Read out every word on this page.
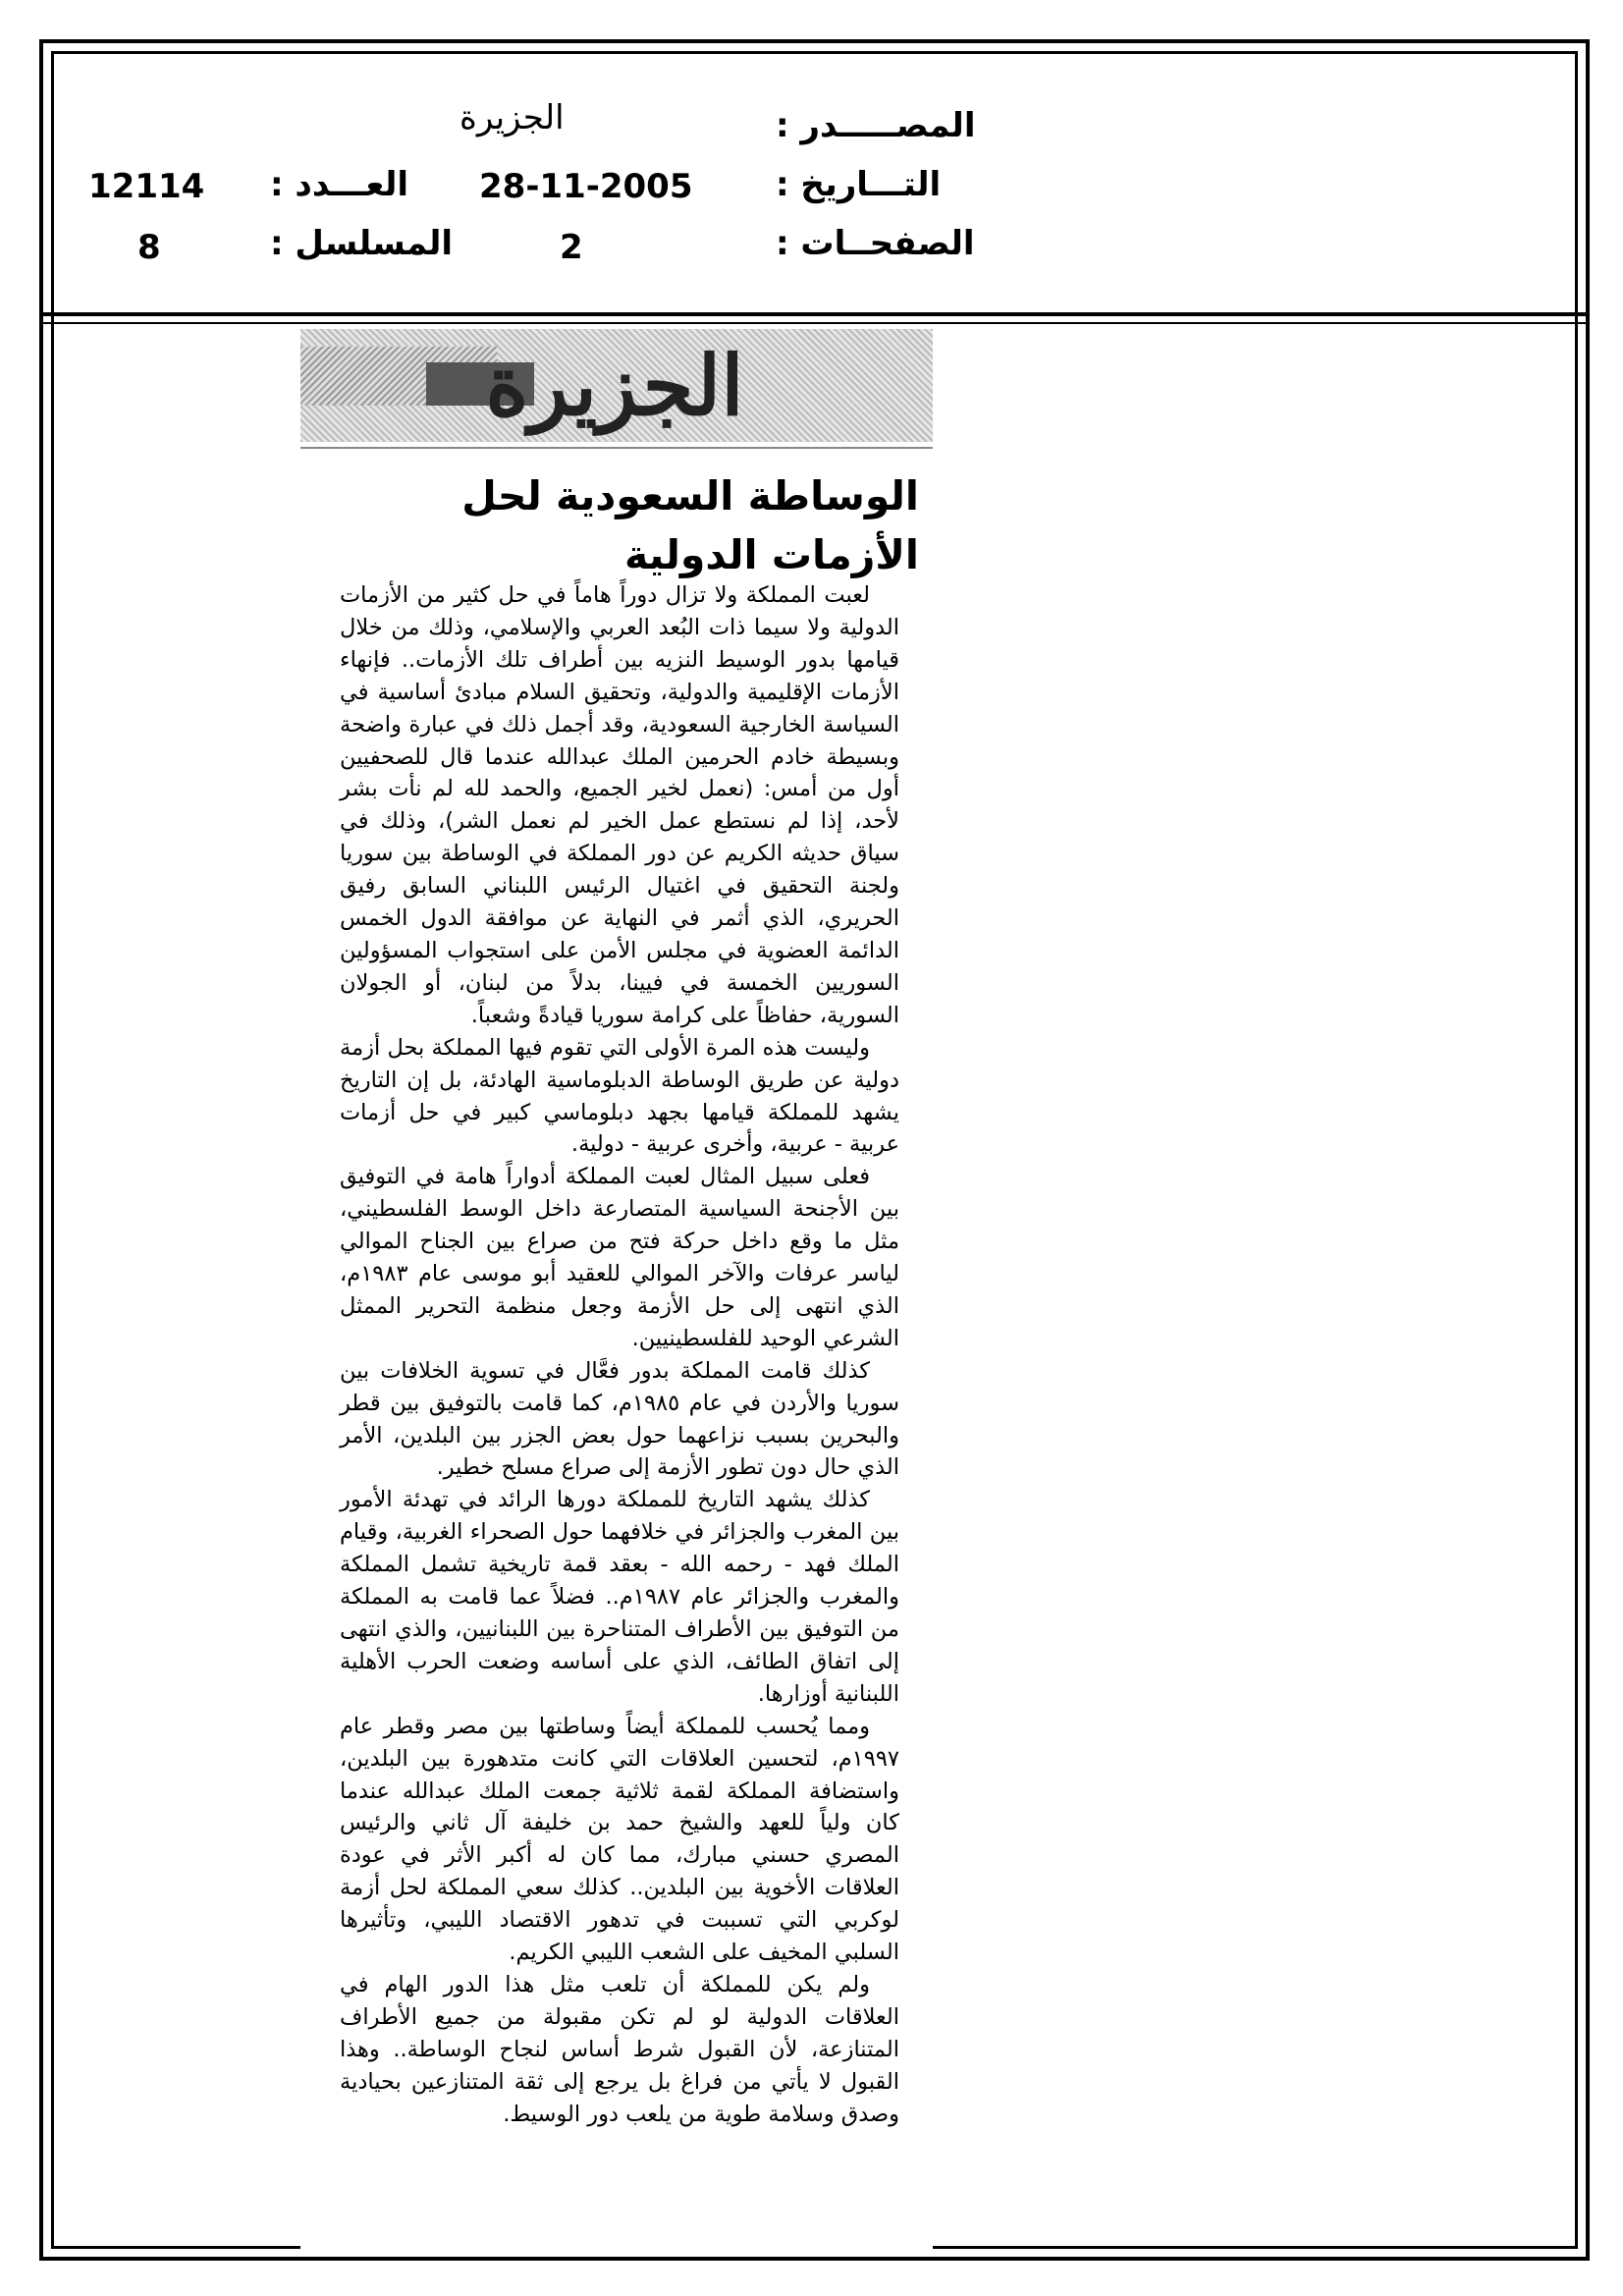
المصـــــدر :
الجزيرة
التـــاريخ :
28-11-2005
العـــدد :
12114
الصفحــات :
2
المسلسل :
8
الجزيرة
الوساطة السعودية لحل الأزمات الدولية

لعبت المملكة ولا تزال دوراً هاماً في حل كثير من الأزمات الدولية ولا سيما ذات البُعد العربي والإسلامي، وذلك من خلال قيامها بدور الوسيط النزيه بين أطراف تلك الأزمات.. فإنهاء الأزمات الإقليمية والدولية، وتحقيق السلام مبادئ أساسية في السياسة الخارجية السعودية، وقد أجمل ذلك في عبارة واضحة وبسيطة خادم الحرمين الملك عبدالله عندما قال للصحفيين أول من أمس: (نعمل لخير الجميع، والحمد لله لم نأت بشر لأحد، إذا لم نستطع عمل الخير لم نعمل الشر)، وذلك في سياق حديثه الكريم عن دور المملكة في الوساطة بين سوريا ولجنة التحقيق في اغتيال الرئيس اللبناني السابق رفيق الحريري، الذي أثمر في النهاية عن موافقة الدول الخمس الدائمة العضوية في مجلس الأمن على استجواب المسؤولين السوريين الخمسة في فيينا، بدلاً من لبنان، أو الجولان السورية، حفاظاً على كرامة سوريا قيادةً وشعباً.

وليست هذه المرة الأولى التي تقوم فيها المملكة بحل أزمة دولية عن طريق الوساطة الدبلوماسية الهادئة، بل إن التاريخ يشهد للمملكة قيامها بجهد دبلوماسي كبير في حل أزمات عربية - عربية، وأخرى عربية - دولية.

فعلى سبيل المثال لعبت المملكة أدواراً هامة في التوفيق بين الأجنحة السياسية المتصارعة داخل الوسط الفلسطيني، مثل ما وقع داخل حركة فتح من صراع بين الجناح الموالي لياسر عرفات والآخر الموالي للعقيد أبو موسى عام ١٩٨٣م، الذي انتهى إلى حل الأزمة وجعل منظمة التحرير الممثل الشرعي الوحيد للفلسطينيين.

كذلك قامت المملكة بدور فعَّال في تسوية الخلافات بين سوريا والأردن في عام ١٩٨٥م، كما قامت بالتوفيق بين قطر والبحرين بسبب نزاعهما حول بعض الجزر بين البلدين، الأمر الذي حال دون تطور الأزمة إلى صراع مسلح خطير.

كذلك يشهد التاريخ للمملكة دورها الرائد في تهدئة الأمور بين المغرب والجزائر في خلافهما حول الصحراء الغربية، وقيام الملك فهد - رحمه الله - بعقد قمة تاريخية تشمل المملكة والمغرب والجزائر عام ١٩٨٧م.. فضلاً عما قامت به المملكة من التوفيق بين الأطراف المتناحرة بين اللبنانيين، والذي انتهى إلى اتفاق الطائف، الذي على أساسه وضعت الحرب الأهلية اللبنانية أوزارها.

ومما يُحسب للمملكة أيضاً وساطتها بين مصر وقطر عام ١٩٩٧م، لتحسين العلاقات التي كانت متدهورة بين البلدين، واستضافة المملكة لقمة ثلاثية جمعت الملك عبدالله عندما كان ولياً للعهد والشيخ حمد بن خليفة آل ثاني والرئيس المصري حسني مبارك، مما كان له أكبر الأثر في عودة العلاقات الأخوية بين البلدين.. كذلك سعي المملكة لحل أزمة لوكربي التي تسببت في تدهور الاقتصاد الليبي، وتأثيرها السلبي المخيف على الشعب الليبي الكريم.

ولم يكن للمملكة أن تلعب مثل هذا الدور الهام في العلاقات الدولية لو لم تكن مقبولة من جميع الأطراف المتنازعة، لأن القبول شرط أساس لنجاح الوساطة.. وهذا القبول لا يأتي من فراغ بل يرجع إلى ثقة المتنازعين بحيادية وصدق وسلامة طوية من يلعب دور الوسيط.
